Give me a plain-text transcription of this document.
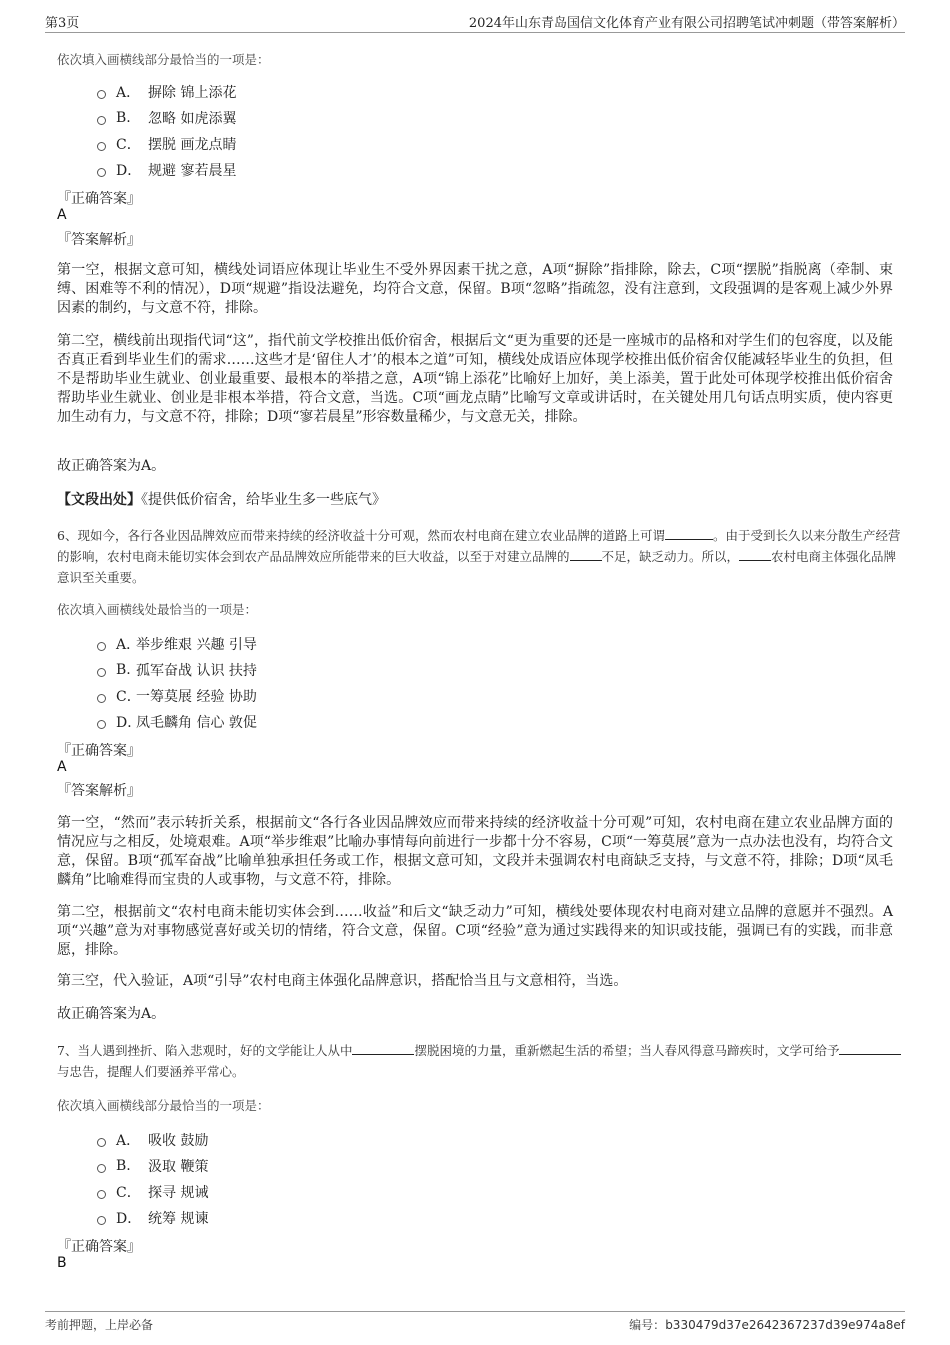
第3页	2024年山东青岛国信文化体育产业有限公司招聘笔试冲刺题（带答案解析）
依次填入画横线部分最恰当的一项是：
A． 摒除 锦上添花
B.	忽略 如虎添翼
C． 摆脱 画龙点睛
D． 规避 寥若晨星
『正确答案』
A
『答案解析』
第一空，根据文意可知，横线处词语应体现让毕业生不受外界因素干扰之意，A项“摒除”指排除，除去，C项“摆脱”指脱离（牵制、束缚、困难等不利的情况），D项“规避”指设法避免，均符合文意，保留。B项“忽略”指疏忽，没有注意到，文段强调的是客观上减少外界因素的制约，与文意不符，排除。
第二空，横线前出现指代词“这”，指代前文学校推出低价宿舍，根据后文“更为重要的还是一座城市的品格和对学生们的包容度，以及能否真正看到毕业生们的需求……这些才是‘留住人才’的根本之道”可知，横线处成语应体现学校推出低价宿舍仅能减轻毕业生的负担，但不是帮助毕业生就业、创业最重要、最根本的举措之意，A项“锦上添花”比喻好上加好，美上添美，置于此处可体现学校推出低价宿舍帮助毕业生就业、创业是非根本举措，符合文意，当选。C项“画龙点睛”比喻写文章或讲话时，在关键处用几句话点明实质，使内容更加生动有力，与文意不符，排除；D项“寥若晨星”形容数量稀少，与文意无关，排除。
故正确答案为A。
【文段出处】《提供低价宿舍，给毕业生多一些底气》
6、现如今，各行各业因品牌效应而带来持续的经济收益十分可观，然而农村电商在建立农业品牌的道路上可谓	。由于受到长久以来分散生产经营的影响，农村电商未能切实体会到农产品品牌效应所能带来的巨大收益，以至于对建立品牌的	不足，缺乏动力。所以，	农村电商主体强化品牌意识至关重要。
依次填入画横线处最恰当的一项是：
A．
举步维艰 兴趣 引导
B. 孤军奋战 认识 扶持
C．
一筹莫展 经验 协助
D．
凤毛麟角 信心 敦促
『正确答案』
A
『答案解析』
第一空，“然而”表示转折关系，根据前文“各行各业因品牌效应而带来持续的经济收益十分可观”可知，农村电商在建立农业品牌方面的情况应与之相反，处境艰难。A项“举步维艰”比喻办事情每向前进行一步都十分不容易，C项“一筹莫展”意为一点办法也没有，均符合文意，保留。B项“孤军奋战”比喻单独承担任务或工作，根据文意可知，文段并未强调农村电商缺乏支持，与文意不符，排除；D项“凤毛麟角”比喻难得而宝贵的人或事物，与文意不符，排除。
第二空，根据前文“农村电商未能切实体会到……收益”和后文“缺乏动力”可知，横线处要体现农村电商对建立品牌的意愿并不强烈。A项“兴趣”意为对事物感觉喜好或关切的情绪，符合文意，保留。C项“经验”意为通过实践得来的知识或技能，强调已有的实践，而非意愿，排除。
第三空，代入验证，A项“引导”农村电商主体强化品牌意识，搭配恰当且与文意相符，当选。
故正确答案为A。
7、当人遇到挫折、陷入悲观时，好的文学能让人从中	摆脱困境的力量，重新燃起生活的希望；当人春风得意马蹄疾时，文学可给予与忠告，提醒人们要涵养平常心。
依次填入画横线部分最恰当的一项是：
A． 吸收 鼓励
B.	汲取 鞭策
C． 探寻 规诫
D． 统筹 规谏
『正确答案』
B
考前押题，上岸必备	编号：b330479d37e2642367237d39e974a8ef
